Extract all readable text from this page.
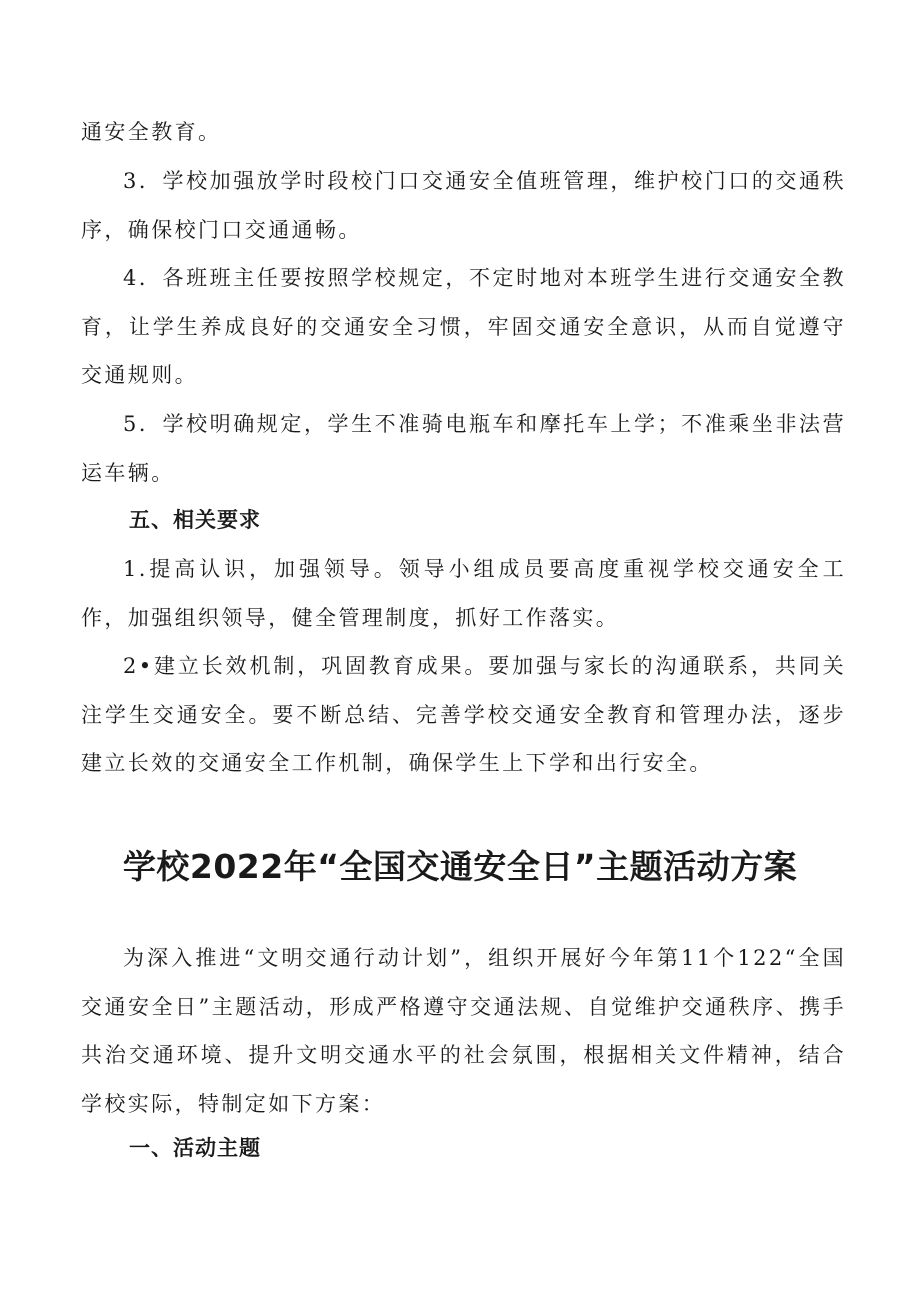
通安全教育。

3．学校加强放学时段校门口交通安全值班管理，维护校门口的交通秩序，确保校门口交通通畅。

4．各班班主任要按照学校规定，不定时地对本班学生进行交通安全教育，让学生养成良好的交通安全习惯，牢固交通安全意识，从而自觉遵守交通规则。

5．学校明确规定，学生不准骑电瓶车和摩托车上学；不准乘坐非法营运车辆。

五、相关要求

1.提高认识，加强领导。领导小组成员要高度重视学校交通安全工作，加强组织领导，健全管理制度，抓好工作落实。

2•建立长效机制，巩固教育成果。要加强与家长的沟通联系，共同关注学生交通安全。要不断总结、完善学校交通安全教育和管理办法，逐步建立长效的交通安全工作机制，确保学生上下学和出行安全。

学校2022年“全国交通安全日”主题活动方案

为深入推进“文明交通行动计划”，组织开展好今年第11个122“全国交通安全日”主题活动，形成严格遵守交通法规、自觉维护交通秩序、携手共治交通环境、提升文明交通水平的社会氛围，根据相关文件精神，结合学校实际，特制定如下方案：

一、活动主题
